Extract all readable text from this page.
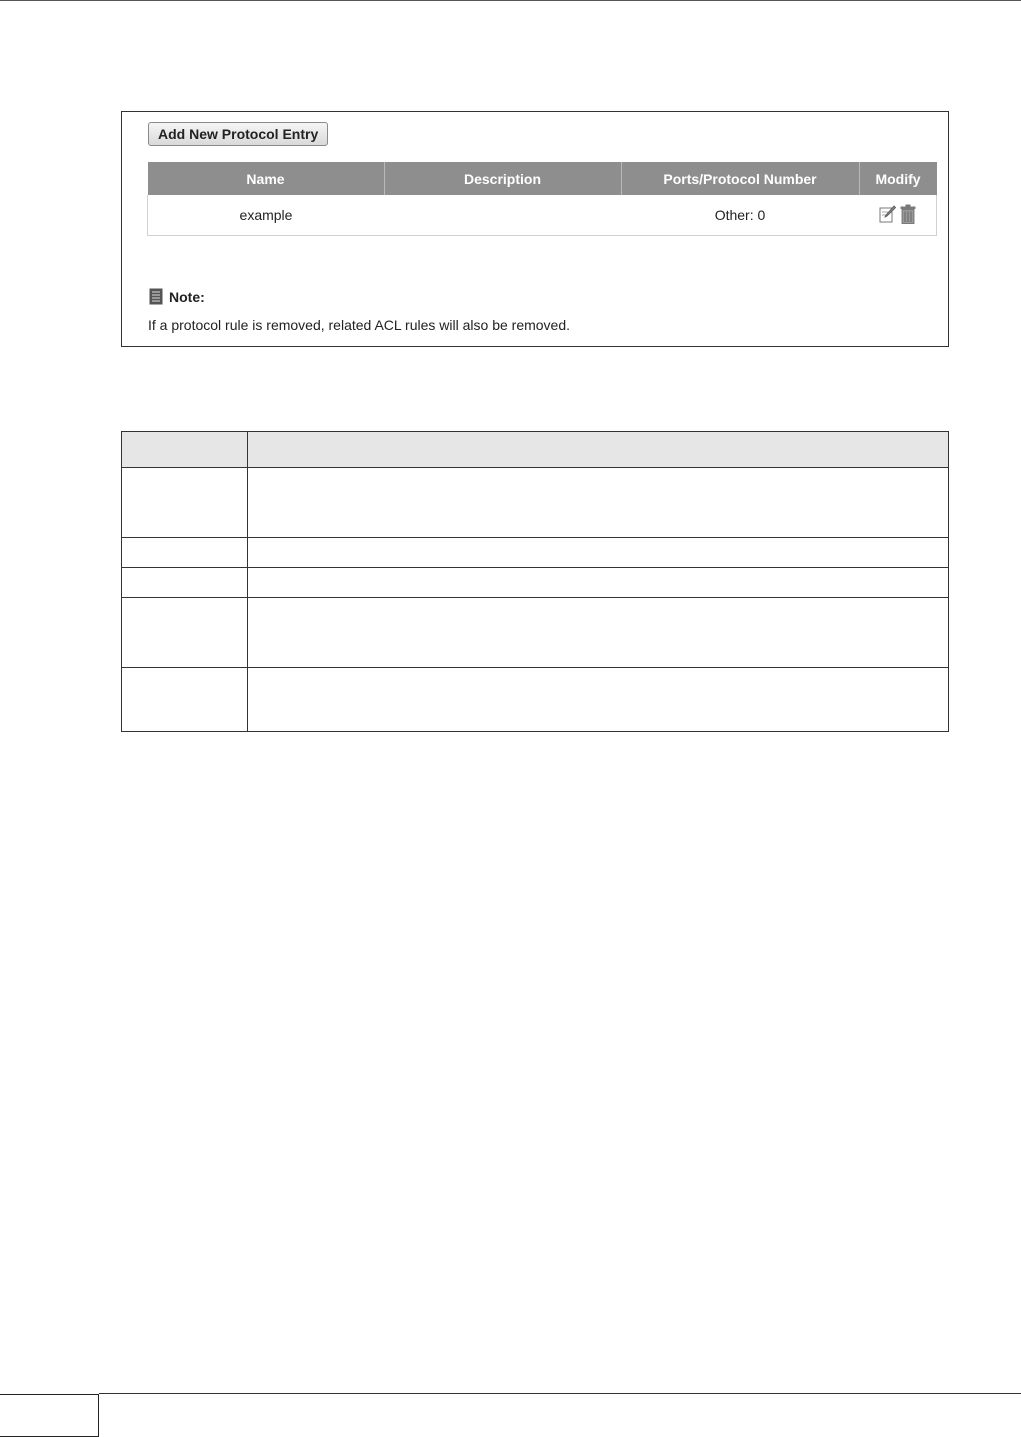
Add New Protocol Entry
Name	Description	Ports/Protocol Number	Modify
example		Other: 0	
Note:
If a protocol rule is removed, related ACL rules will also be removed.
